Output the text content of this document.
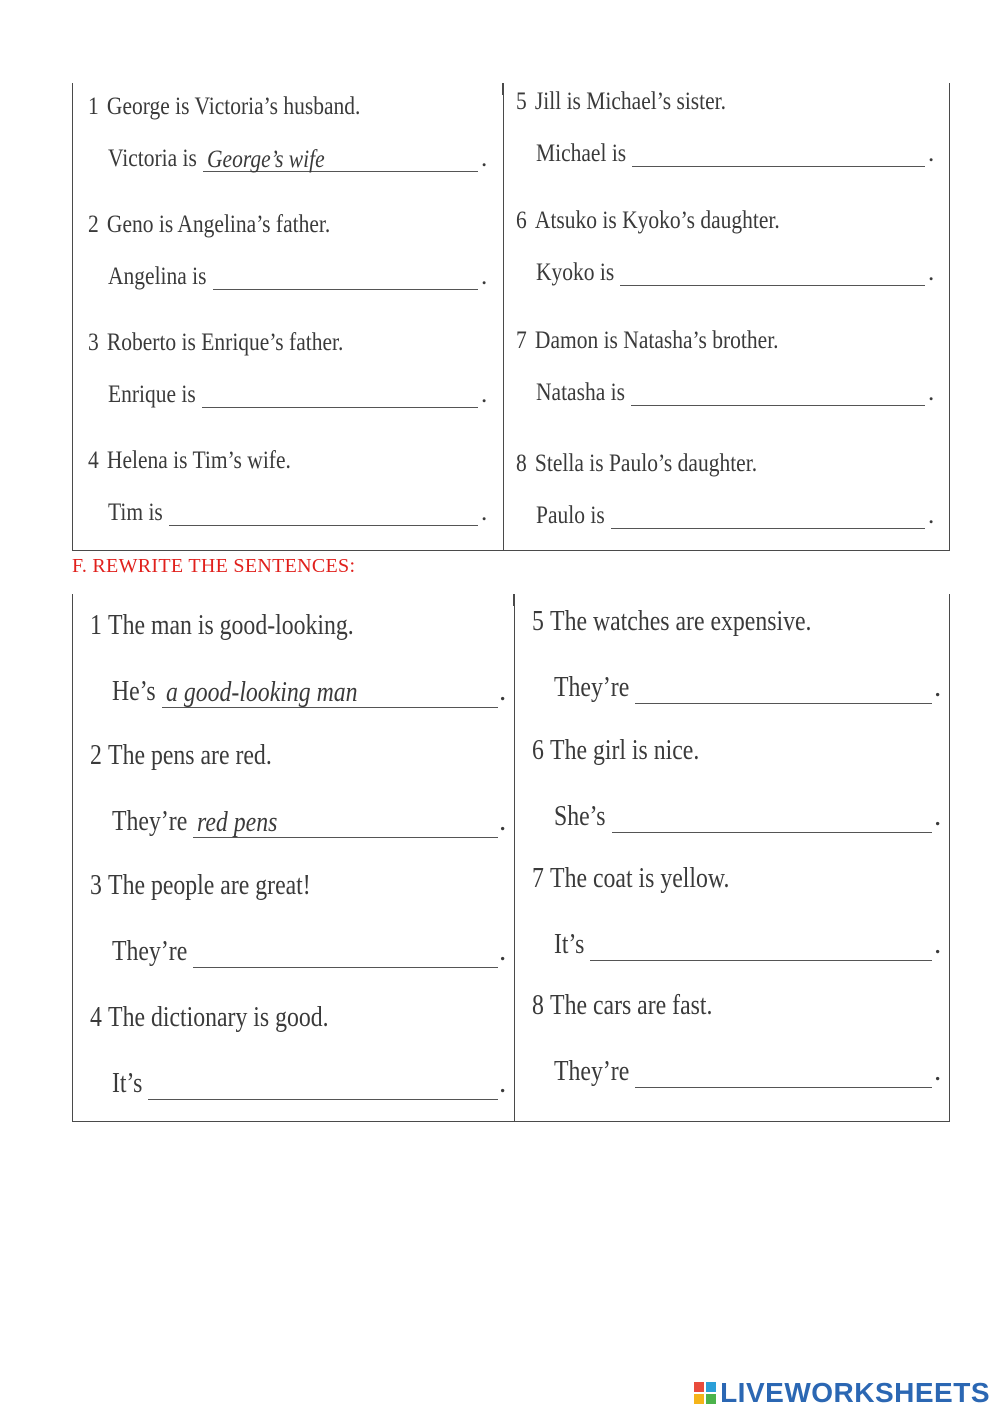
F. REWRITE THE SENTENCES:
1 George is Victoria’s husband.
Victoria is George’s wife	.
2 Geno is Angelina’s father.
Angelina is	.
3 Roberto is Enrique’s father.
Enrique is	.
4 Helena is Tim’s wife.
Tim is	.
5 Jill is Michael’s sister.
Michael is	.
6 Atsuko is Kyoko’s daughter.
Kyoko is	.
7 Damon is Natasha’s brother.
Natasha is	.
8 Stella is Paulo’s daughter.
Paulo is	.
1 The man is good-looking.
He’s a good-looking man	.
2 The pens are red.
They’re red pens	.
3 The people are great!
They’re	.
4 The dictionary is good.
It’s	.
5 The watches are expensive.
They’re	.
6 The girl is nice.
She’s	.
7 The coat is yellow.
It’s	.
8 The cars are fast.
They’re	.
LIVEWORKSHEETS
